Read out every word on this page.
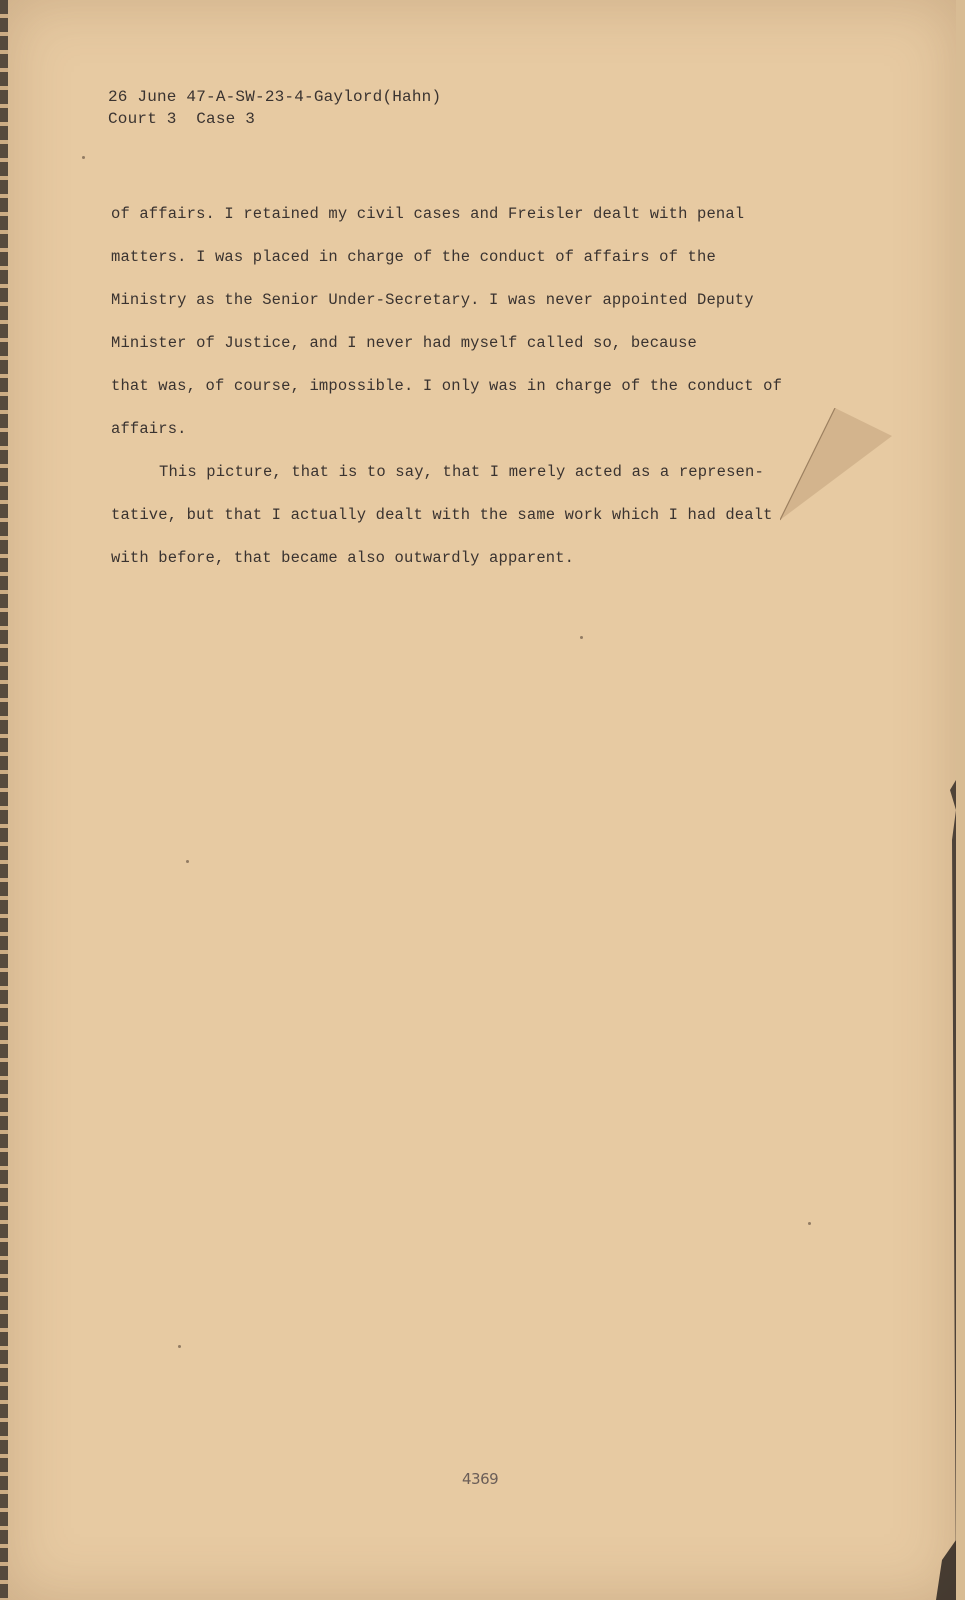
26 June 47-A-SW-23-4-Gaylord(Hahn)
Court 3  Case 3
of affairs. I retained my civil cases and Freisler dealt with penal
matters. I was placed in charge of the conduct of affairs of the
Ministry as the Senior Under-Secretary. I was never appointed Deputy
Minister of Justice, and I never had myself called so, because
that was, of course, impossible. I only was in charge of the conduct of
affairs.
This picture, that is to say, that I merely acted as a represen-
tative, but that I actually dealt with the same work which I had dealt
with before, that became also outwardly apparent.
4369
